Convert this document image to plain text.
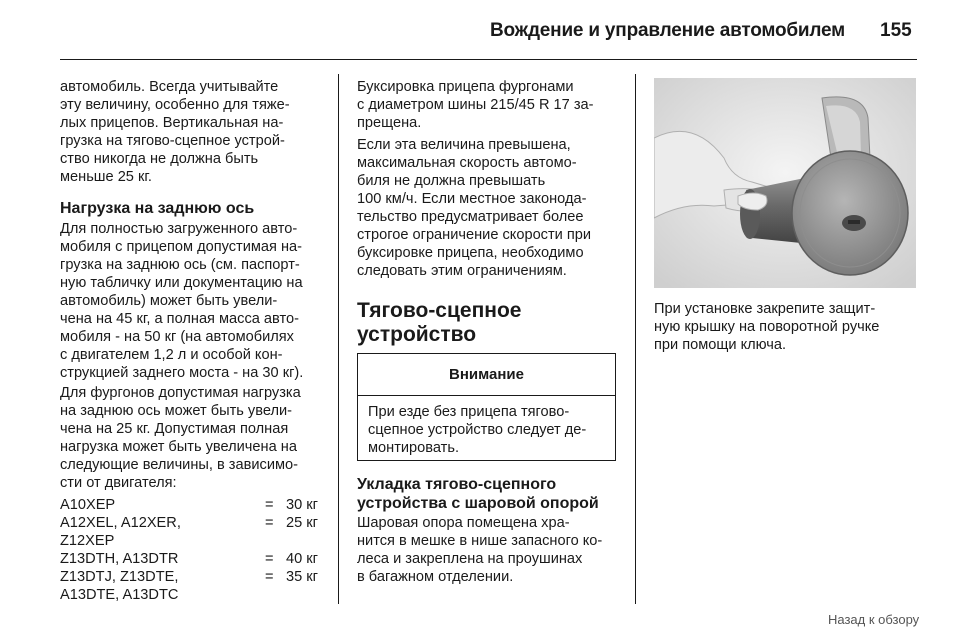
Вождение и управление автомобилем 155

автомобиль. Всегда учитывайте

эту величину, особенно для тяже-

лых прицепов. Вертикальная на-

грузка на тягово-сцепное устрой-

ство никогда не должна быть

меньше 25 кг.

Нагрузка на заднюю ось

Для полностью загруженного авто-

мобиля с прицепом допустимая на-

грузка на заднюю ось (см. паспорт-

ную табличку или документацию на

автомобиль) может быть увели-

чена на 45 кг, а полная масса авто-

мобиля - на 50 кг (на автомобилях

с двигателем 1,2 л и особой кон-

струкцией заднего моста - на 30 кг).

Для фургонов допустимая нагрузка

на заднюю ось может быть увели-

чена на 25 кг. Допустимая полная

нагрузка может быть увеличена на

следующие величины, в зависимо-

сти от двигателя:

A10XEP	= 30 кг
A12XEL, A12XER,
Z12XEP
= 25 кг
Z13DTH, A13DTR	= 40 кг
Z13DTJ, Z13DTE,
A13DTE, A13DTC
= 35 кг

Буксировка прицепа фургонами

с диаметром шины 215/45 R 17 за-

прещена.

Если эта величина превышена,

максимальная скорость автомо-

биля не должна превышать

100 км/ч. Если местное законода-

тельство предусматривает более

строгое ограничение скорости при

буксировке прицепа, необходимо

следовать этим ограничениям.

Тягово-сцепное

устройство

Внимание

При езде без прицепа тягово-

сцепное устройство следует де-

монтировать.

Укладка тягово-сцепного

устройства с шаровой опорой

Шаровая опора помещена хра-

нится в мешке в нише запасного ко-

леса и закреплена на проушинах

в багажном отделении.

При установке закрепите защит-

ную крышку на поворотной ручке

при помощи ключа.

Назад к обзору
